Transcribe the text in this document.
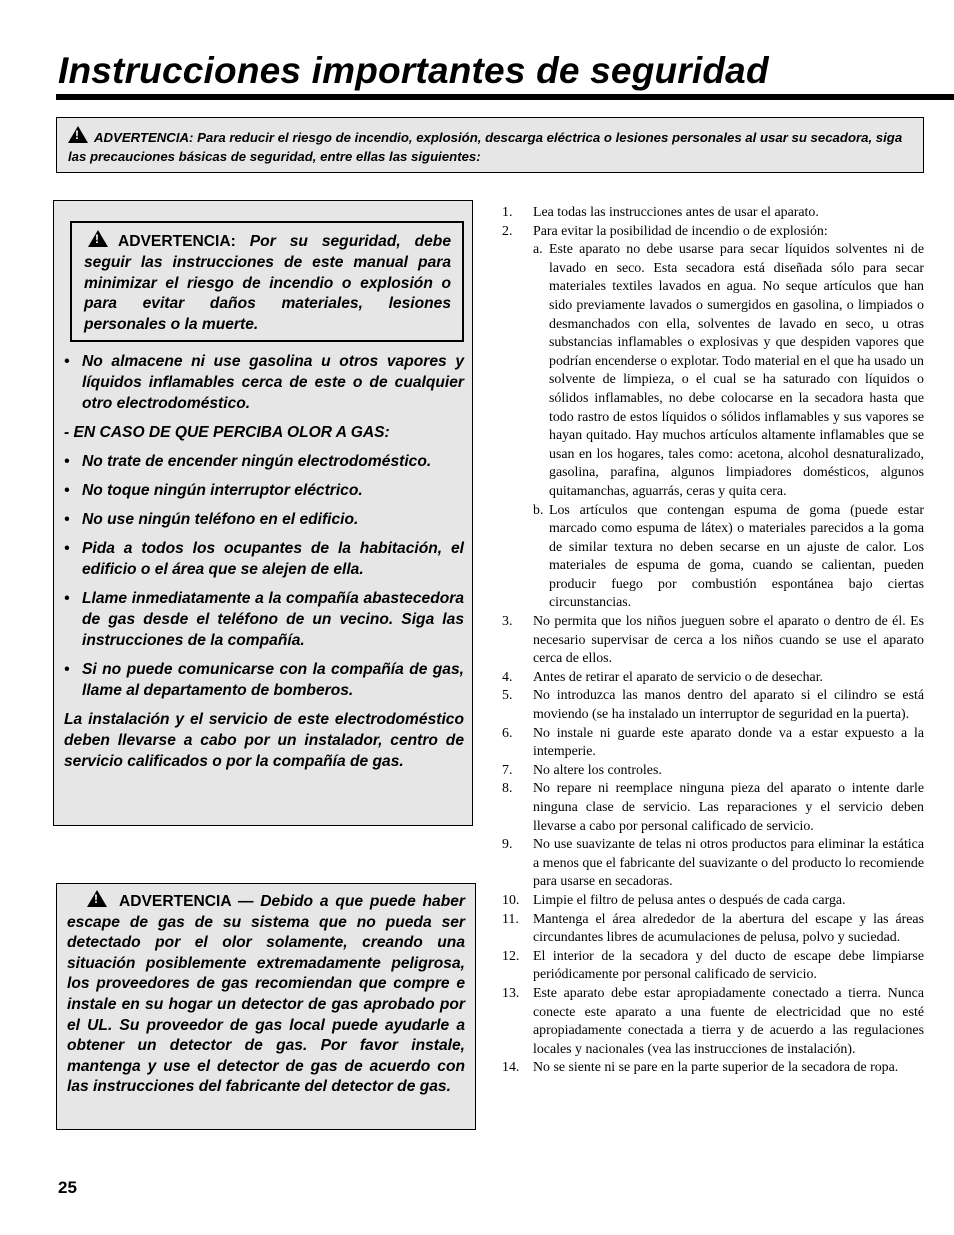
Instrucciones importantes de seguridad
!ADVERTENCIA: Para reducir el riesgo de incendio, explosión, descarga eléctrica o lesiones personales al usar su secadora, siga las precauciones básicas de seguridad, entre ellas las siguientes:
!ADVERTENCIA: Por su seguridad, debe seguir las instrucciones de este manual para minimizar el riesgo de incendio o explosión o para evitar daños materiales, lesiones personales o la muerte.
• No almacene ni use gasolina u otros vapores y líquidos inflamables cerca de este o de cualquier otro electrodoméstico.
- EN CASO DE QUE PERCIBA OLOR A GAS:
• No trate de encender ningún electrodoméstico.
• No toque ningún interruptor eléctrico.
• No use ningún teléfono en el edificio.
• Pida a todos los ocupantes de la habitación, el edificio o el área que se alejen de ella.
• Llame inmediatamente a la compañía abastecedora de gas desde el teléfono de un vecino. Siga las instrucciones de la compañía.
• Si no puede comunicarse con la compañía de gas, llame al departamento de bomberos.
La instalación y el servicio de este electrodoméstico deben llevarse a cabo por un instalador, centro de servicio calificados o por la compañía de gas.
!ADVERTENCIA — Debido a que puede haber escape de gas de su sistema que no pueda ser detectado por el olor solamente, creando una situación posiblemente extremadamente peligrosa, los proveedores de gas recomiendan que compre e instale en su hogar un detector de gas aprobado por el UL. Su proveedor de gas local puede ayudarle a obtener un detector de gas. Por favor instale, mantenga y use el detector de gas de acuerdo con las instrucciones del fabricante del detector de gas.
25
1. Lea todas las instrucciones antes de usar el aparato.
2. Para evitar la posibilidad de incendio o de explosión:
a. Este aparato no debe usarse para secar líquidos solventes ni de lavado en seco. Esta secadora está diseñada sólo para secar materiales textiles lavados en agua. No seque artículos que han sido previamente lavados o sumergidos en gasolina, o limpiados o desmanchados con ella, solventes de lavado en seco, u otras substancias inflamables o explosivas y que despiden vapores que podrían encenderse o explotar. Todo material en el que ha usado un solvente de limpieza, o el cual se ha saturado con líquidos o sólidos inflamables, no debe colocarse en la secadora hasta que todo rastro de estos líquidos o sólidos inflamables y sus vapores se hayan quitado. Hay muchos artículos altamente inflamables que se usan en los hogares, tales como: acetona, alcohol desnaturalizado, gasolina, parafina, algunos limpiadores domésticos, algunos quitamanchas, aguarrás, ceras y quita cera.
b. Los artículos que contengan espuma de goma (puede estar marcado como espuma de látex) o materiales parecidos a la goma de similar textura no deben secarse en un ajuste de calor. Los materiales de espuma de goma, cuando se calientan, pueden producir fuego por combustión espontánea bajo ciertas circunstancias.
3. No permita que los niños jueguen sobre el aparato o dentro de él. Es necesario supervisar de cerca a los niños cuando se use el aparato cerca de ellos.
4. Antes de retirar el aparato de servicio o de desechar.
5. No introduzca las manos dentro del aparato si el cilindro se está moviendo (se ha instalado un interruptor de seguridad en la puerta).
6. No instale ni guarde este aparato donde va a estar expuesto a la intemperie.
7. No altere los controles.
8. No repare ni reemplace ninguna pieza del aparato o intente darle ninguna clase de servicio. Las reparaciones y el servicio deben llevarse a cabo por personal calificado de servicio.
9. No use suavizante de telas ni otros productos para eliminar la estática a menos que el fabricante del suavizante o del producto lo recomiende para usarse en secadoras.
10. Limpie el filtro de pelusa antes o después de cada carga.
11. Mantenga el área alrededor de la abertura del escape y las áreas circundantes libres de acumulaciones de pelusa, polvo y suciedad.
12. El interior de la secadora y del ducto de escape debe limpiarse periódicamente por personal calificado de servicio.
13. Este aparato debe estar apropiadamente conectado a tierra. Nunca conecte este aparato a una fuente de electricidad que no esté apropiadamente conectada a tierra y de acuerdo a las regulaciones locales y nacionales (vea las instrucciones de instalación).
14. No se siente ni se pare en la parte superior de la secadora de ropa.
